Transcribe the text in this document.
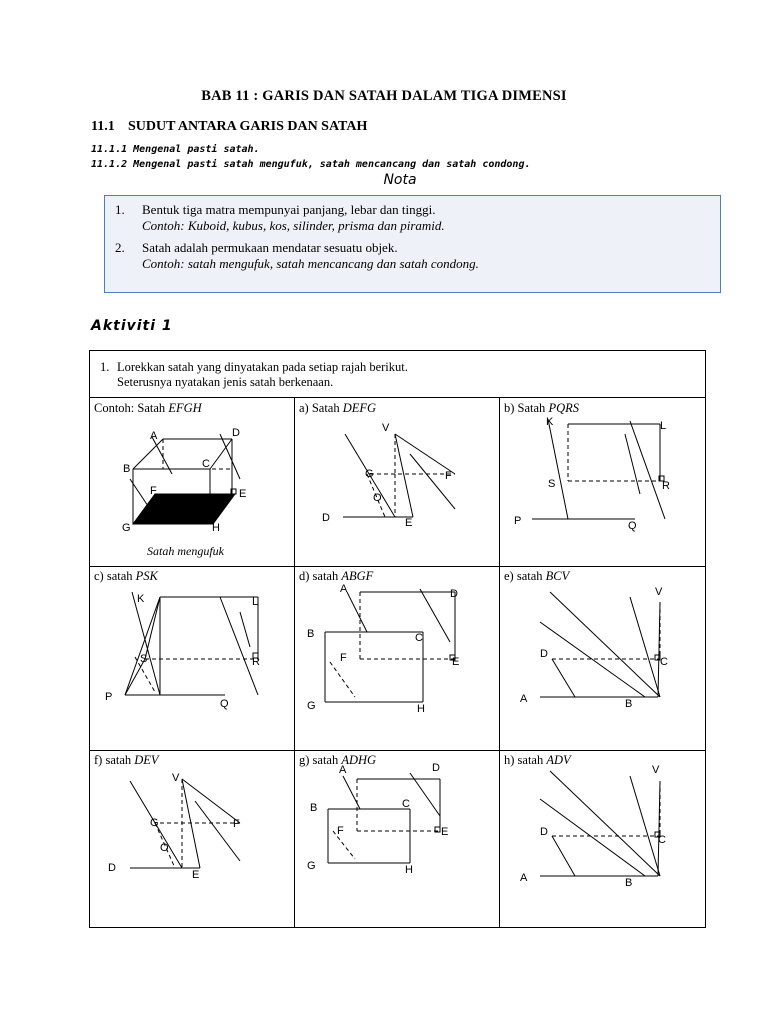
BAB 11 : GARIS DAN SATAH DALAM TIGA DIMENSI
11.1 SUDUT ANTARA GARIS DAN SATAH
11.1.1 Mengenal pasti satah.
11.1.2 Mengenal pasti satah mengufuk, satah mencancang dan satah condong.
Nota
1.	Bentuk tiga matra mempunyai panjang, lebar dan tinggi.
Contoh: Kuboid, kubus, kos, silinder, prisma dan piramid.
2.	Satah adalah permukaan mendatar sesuatu objek.
Contoh: satah mengufuk, satah mencancang dan satah condong.
Aktiviti 1
1. Lorekkan satah yang dinyatakan pada setiap rajah berikut.
Seterusnya nyatakan jenis satah berkenaan.
Contoh: Satah EFGH
A	D
B	C
F	E
G	H
Satah mengufuk
a) Satah DEFG
V
G	F
O
D	E
b) Satah PQRS
K	L
S	R
P	Q
c) satah PSK
K	L
S	R
P
Q
d) satah ABGF
A	D
B	C
F	E
G	H
e) satah BCV
V
D
C
A	B
f) satah DEV
V
G	F
O
D
E
g) satah ADHG
A	D
B	C
F	E
G	H
h) satah ADV
V
D
C
A	B
